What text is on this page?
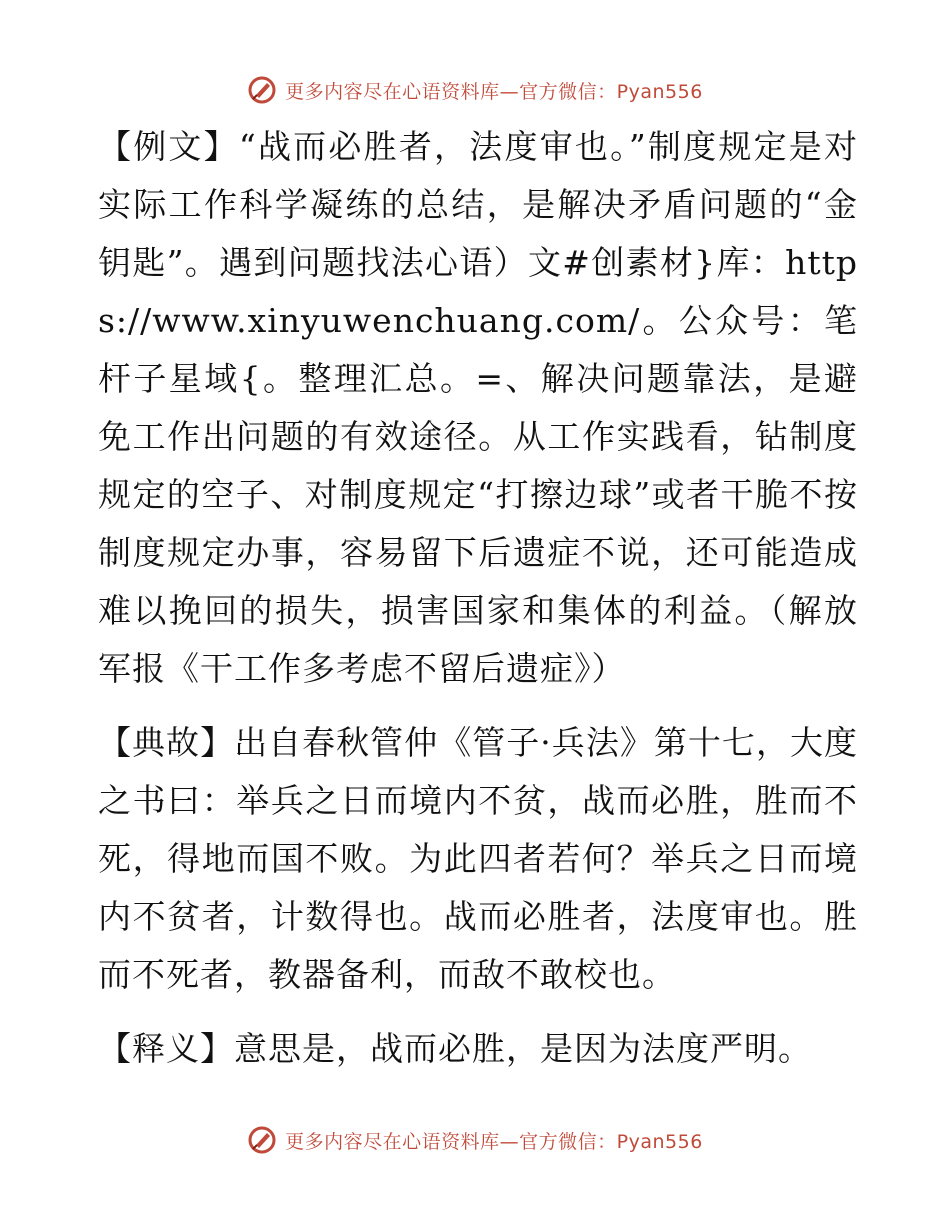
更多内容尽在心语资料库—官方微信：Pyan556

【例文】“战而必胜者，法度审也。”制度规定是对实际工作科学凝练的总结，是解决矛盾问题的“金钥匙”。遇到问题找法心语）文#创素材}库：https://www.xinyuwenchuang.com/。公众号：笔杆子星域{。整理汇总。=、解决问题靠法，是避免工作出问题的有效途径。从工作实践看，钻制度规定的空子、对制度规定“打擦边球”或者干脆不按制度规定办事，容易留下后遗症不说，还可能造成难以挽回的损失，损害国家和集体的利益。（解放军报《干工作多考虑不留后遗症》）

【典故】出自春秋管仲《管子·兵法》第十七，大度之书曰：举兵之日而境内不贫，战而必胜，胜而不死，得地而国不败。为此四者若何？举兵之日而境内不贫者，计数得也。战而必胜者，法度审也。胜而不死者，教器备利，而敌不敢校也。

【释义】意思是，战而必胜，是因为法度严明。

更多内容尽在心语资料库—官方微信：Pyan556
